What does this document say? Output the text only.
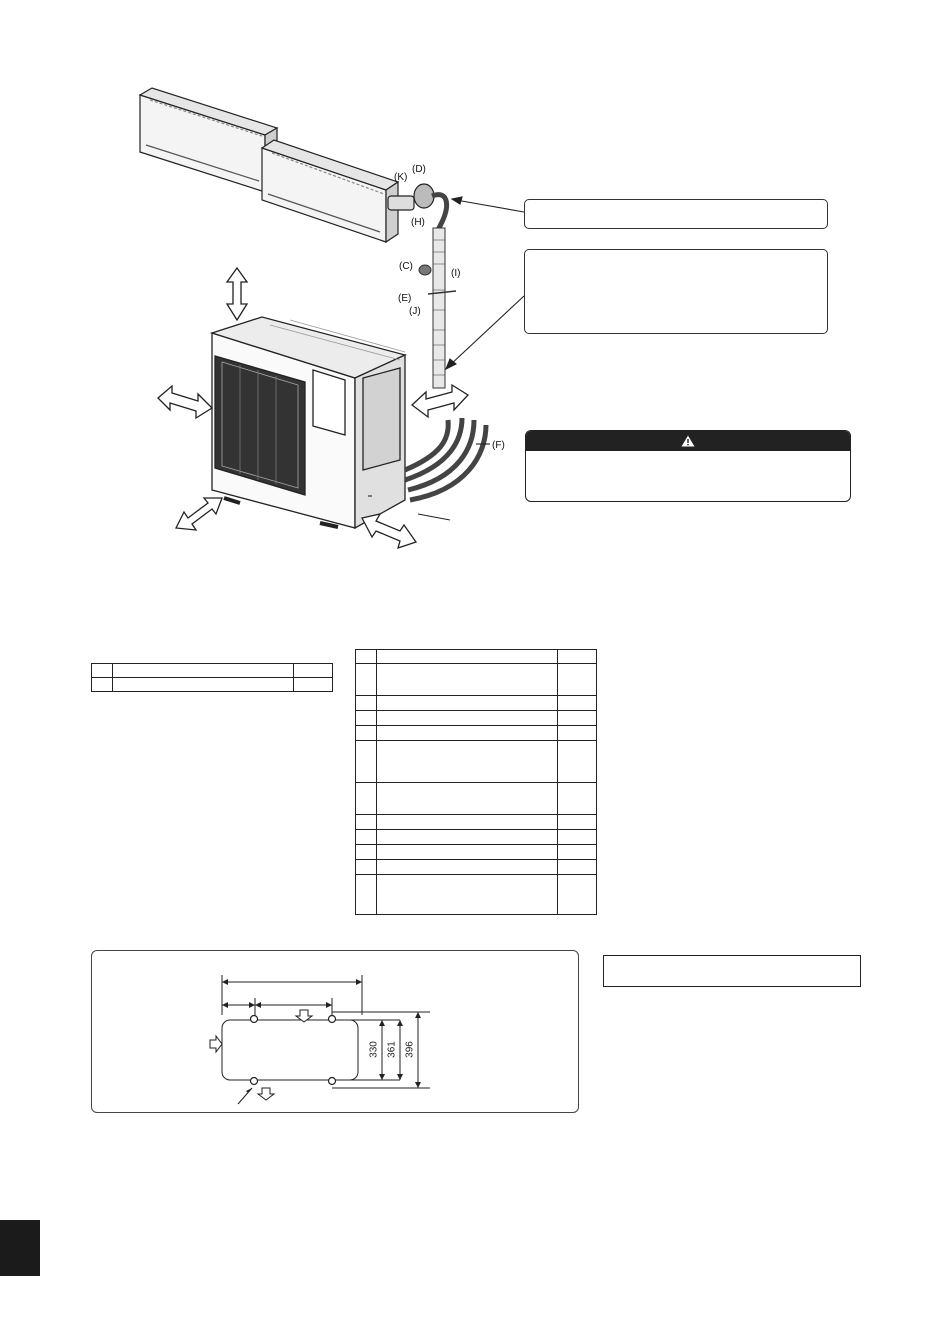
(K)
(D)
(H)
(C)
(I)
(E)
(J)
(F)

330 361 396
